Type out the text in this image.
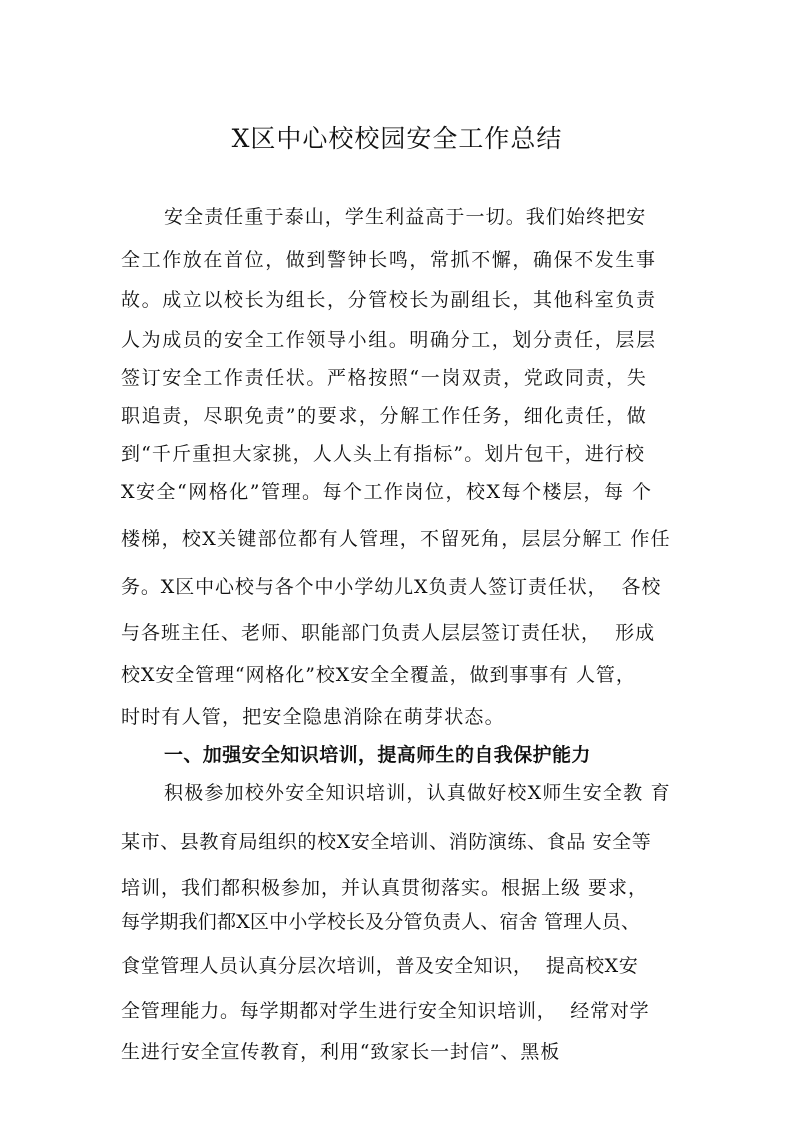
X区中心校校园安全工作总结

安全责任重于泰山，学生利益高于一切。我们始终把安

全工作放在首位，做到警钟长鸣，常抓不懈，确保不发生事

故。成立以校长为组长，分管校长为副组长，其他科室负责

人为成员的安全工作领导小组。明确分工，划分责任，层层

签订安全工作责任状。严格按照“一岗双责，党政同责，失

职追责，尽职免责”的要求，分解工作任务，细化责任，做

到“千斤重担大家挑，人人头上有指标”。划片包干，进行校

X安全“网格化”管理。每个工作岗位，校X每个楼层，每 个

楼梯，校X关键部位都有人管理，不留死角，层层分解工 作任

务。X区中心校与各个中小学幼儿X负责人签订责任状，  各校

与各班主任、老师、职能部门负责人层层签订责任状，  形成

校X安全管理“网格化”校X安全全覆盖，做到事事有 人管，

时时有人管，把安全隐患消除在萌芽状态。

一、加强安全知识培训，提高师生的自我保护能力

积极参加校外安全知识培训，认真做好校X师生安全教 育

某市、县教育局组织的校X安全培训、消防演练、食品 安全等

培训，我们都积极参加，并认真贯彻落实。根据上级 要求，

每学期我们都X区中小学校长及分管负责人、宿舍 管理人员、

食堂管理人员认真分层次培训，普及安全知识，  提高校X安

全管理能力。每学期都对学生进行安全知识培训，  经常对学

生进行安全宣传教育，利用“致家长一封信”、黑板
